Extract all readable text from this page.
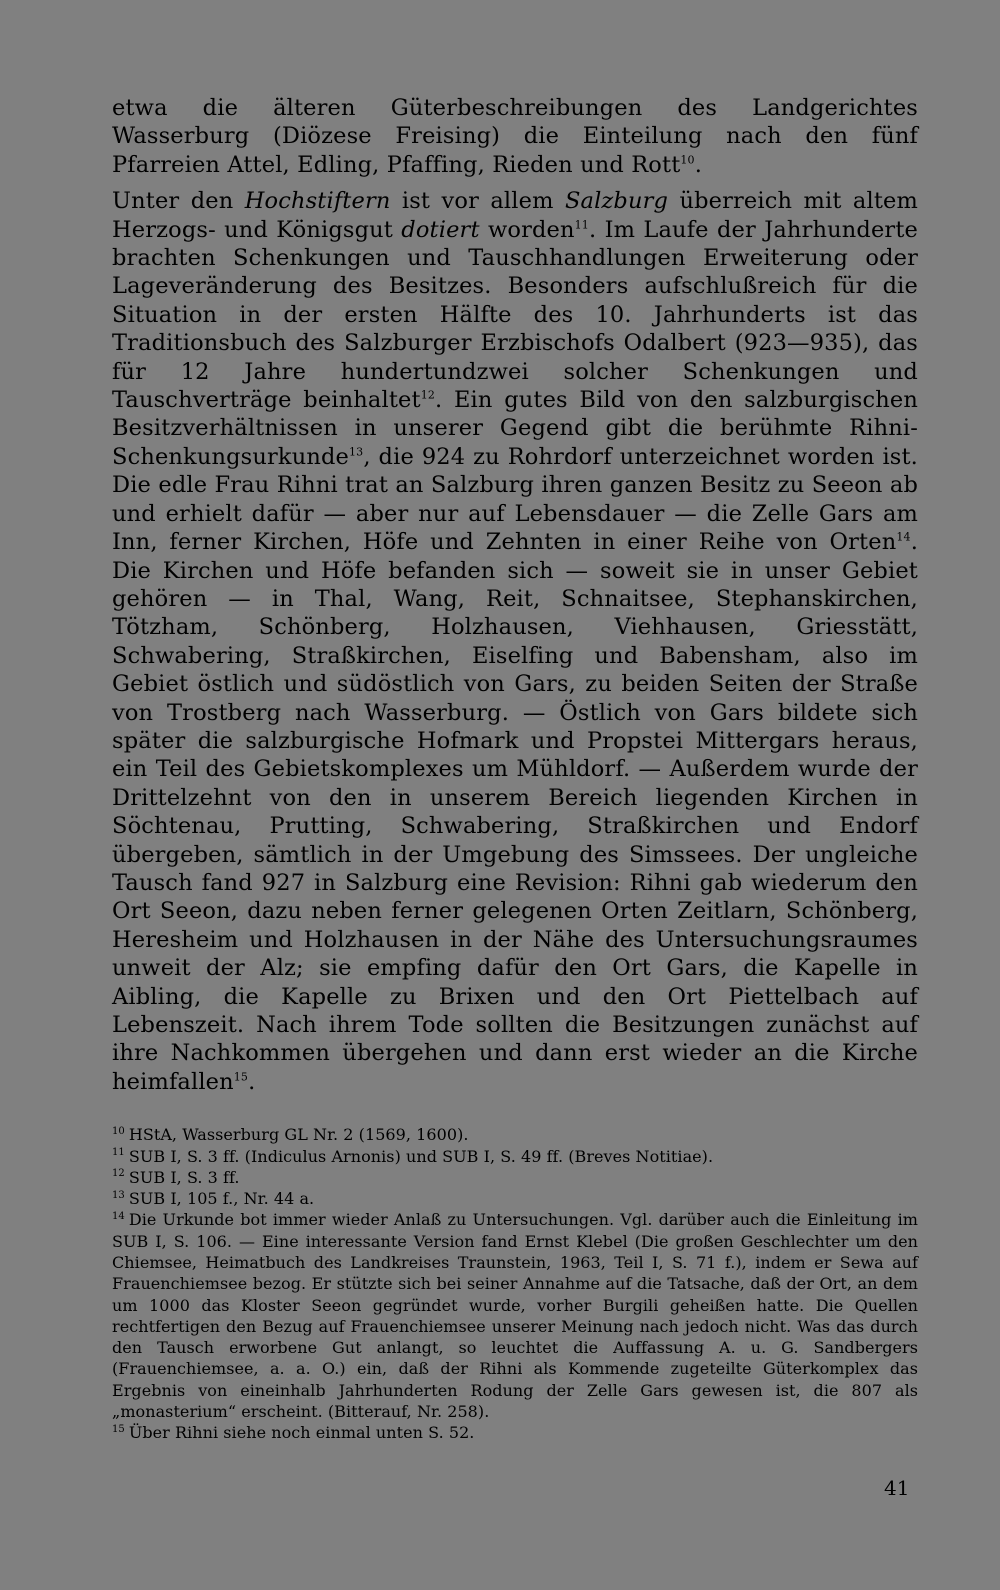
etwa die älteren Güterbeschreibungen des Landgerichtes Wasserburg (Diözese Freising) die Einteilung nach den fünf Pfarreien Attel, Edling, Pfaffing, Rieden und Rott$^{10}$.

Unter den Hochstiftern ist vor allem Salzburg überreich mit altem Herzogs- und Königsgut dotiert worden$^{11}$. Im Laufe der Jahrhunderte brachten Schenkungen und Tauschhandlungen Erweiterung oder Lageveränderung des Besitzes. Besonders aufschlußreich für die Situation in der ersten Hälfte des 10. Jahrhunderts ist das Traditionsbuch des Salzburger Erzbischofs Odalbert (923—935), das für 12 Jahre hundertundzwei solcher Schenkungen und Tauschverträge beinhaltet$^{12}$. Ein gutes Bild von den salzburgischen Besitzverhältnissen in unserer Gegend gibt die berühmte Rihni-Schenkungsurkunde$^{13}$, die 924 zu Rohrdorf unterzeichnet worden ist. Die edle Frau Rihni trat an Salzburg ihren ganzen Besitz zu Seeon ab und erhielt dafür — aber nur auf Lebensdauer — die Zelle Gars am Inn, ferner Kirchen, Höfe und Zehnten in einer Reihe von Orten$^{14}$. Die Kirchen und Höfe befanden sich — soweit sie in unser Gebiet gehören — in Thal, Wang, Reit, Schnaitsee, Stephanskirchen, Tötzham, Schönberg, Holzhausen, Viehhausen, Griesstätt, Schwabering, Straßkirchen, Eiselfing und Babensham, also im Gebiet östlich und südöstlich von Gars, zu beiden Seiten der Straße von Trostberg nach Wasserburg. — Östlich von Gars bildete sich später die salzburgische Hofmark und Propstei Mittergars heraus, ein Teil des Gebietskomplexes um Mühldorf. — Außerdem wurde der Drittelzehnt von den in unserem Bereich liegenden Kirchen in Söchtenau, Prutting, Schwabering, Straßkirchen und Endorf übergeben, sämtlich in der Umgebung des Simssees. Der ungleiche Tausch fand 927 in Salzburg eine Revision: Rihni gab wiederum den Ort Seeon, dazu neben ferner gelegenen Orten Zeitlarn, Schönberg, Heresheim und Holzhausen in der Nähe des Untersuchungsraumes unweit der Alz; sie empfing dafür den Ort Gars, die Kapelle in Aibling, die Kapelle zu Brixen und den Ort Piettelbach auf Lebenszeit. Nach ihrem Tode sollten die Besitzungen zunächst auf ihre Nachkommen übergehen und dann erst wieder an die Kirche heimfallen$^{15}$.

$^{10}$ HStA, Wasserburg GL Nr. 2 (1569, 1600).

$^{11}$ SUB I, S. 3 ff. (Indiculus Arnonis) und SUB I, S. 49 ff. (Breves Notitiae).

$^{12}$ SUB I, S. 3 ff.

$^{13}$ SUB I, 105 f., Nr. 44 a.

$^{14}$ Die Urkunde bot immer wieder Anlaß zu Untersuchungen. Vgl. darüber auch die Einleitung im SUB I, S. 106. — Eine interessante Version fand Ernst Klebel (Die großen Geschlechter um den Chiemsee, Heimatbuch des Landkreises Traunstein, 1963, Teil I, S. 71 f.), indem er Sewa auf Frauenchiemsee bezog. Er stützte sich bei seiner Annahme auf die Tatsache, daß der Ort, an dem um 1000 das Kloster Seeon gegründet wurde, vorher Burgili geheißen hatte. Die Quellen rechtfertigen den Bezug auf Frauenchiemsee unserer Meinung nach jedoch nicht. Was das durch den Tausch erworbene Gut anlangt, so leuchtet die Auffassung A. u. G. Sandbergers (Frauenchiemsee, a. a. O.) ein, daß der Rihni als Kommende zugeteilte Güterkomplex das Ergebnis von eineinhalb Jahrhunderten Rodung der Zelle Gars gewesen ist, die 807 als „monasterium“ erscheint. (Bitterauf, Nr. 258).

$^{15}$ Über Rihni siehe noch einmal unten S. 52.

41
